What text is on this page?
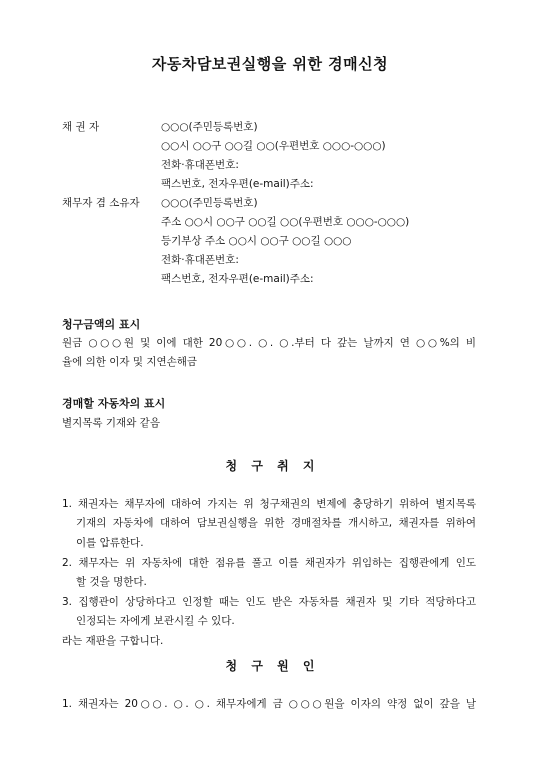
자동차담보권실행을 위한 경매신청
채 권 자	○○○(주민등록번호)
○○시 ○○구 ○○길 ○○(우편번호 ○○○-○○○)
전화·휴대폰번호:
팩스번호, 전자우편(e-mail)주소:
채무자 겸 소유자 ○○○(주민등록번호)
주소 ○○시 ○○구 ○○길 ○○(우편번호 ○○○-○○○)
등기부상 주소 ○○시 ○○구 ○○길 ○○○
전화·휴대폰번호:
팩스번호, 전자우편(e-mail)주소:
청구금액의 표시
원금 ○○○원 및 이에 대한 20○○. ○. ○.부터 다 갚는 날까지 연 ○○%의 비
율에 의한 이자 및 지연손해금
경매할 자동차의 표시
별지목록 기재와 같음
청 구 취 지
1. 채권자는 채무자에 대하여 가지는 위 청구채권의 변제에 충당하기 위하여 별지목록
기재의 자동차에 대하여 담보권실행을 위한 경매절차를 개시하고, 채권자를 위하여
이를 압류한다.
2. 채무자는 위 자동차에 대한 점유를 풀고 이를 채권자가 위임하는 집행관에게 인도
할 것을 명한다.
3. 집행관이 상당하다고 인정할 때는 인도 받은 자동차를 채권자 및 기타 적당하다고
인정되는 자에게 보관시킬 수 있다.
라는 재판을 구합니다.
청 구 원 인
1. 채권자는 20○○. ○. ○. 채무자에게 금 ○○○원을 이자의 약정 없이 갚을 날
